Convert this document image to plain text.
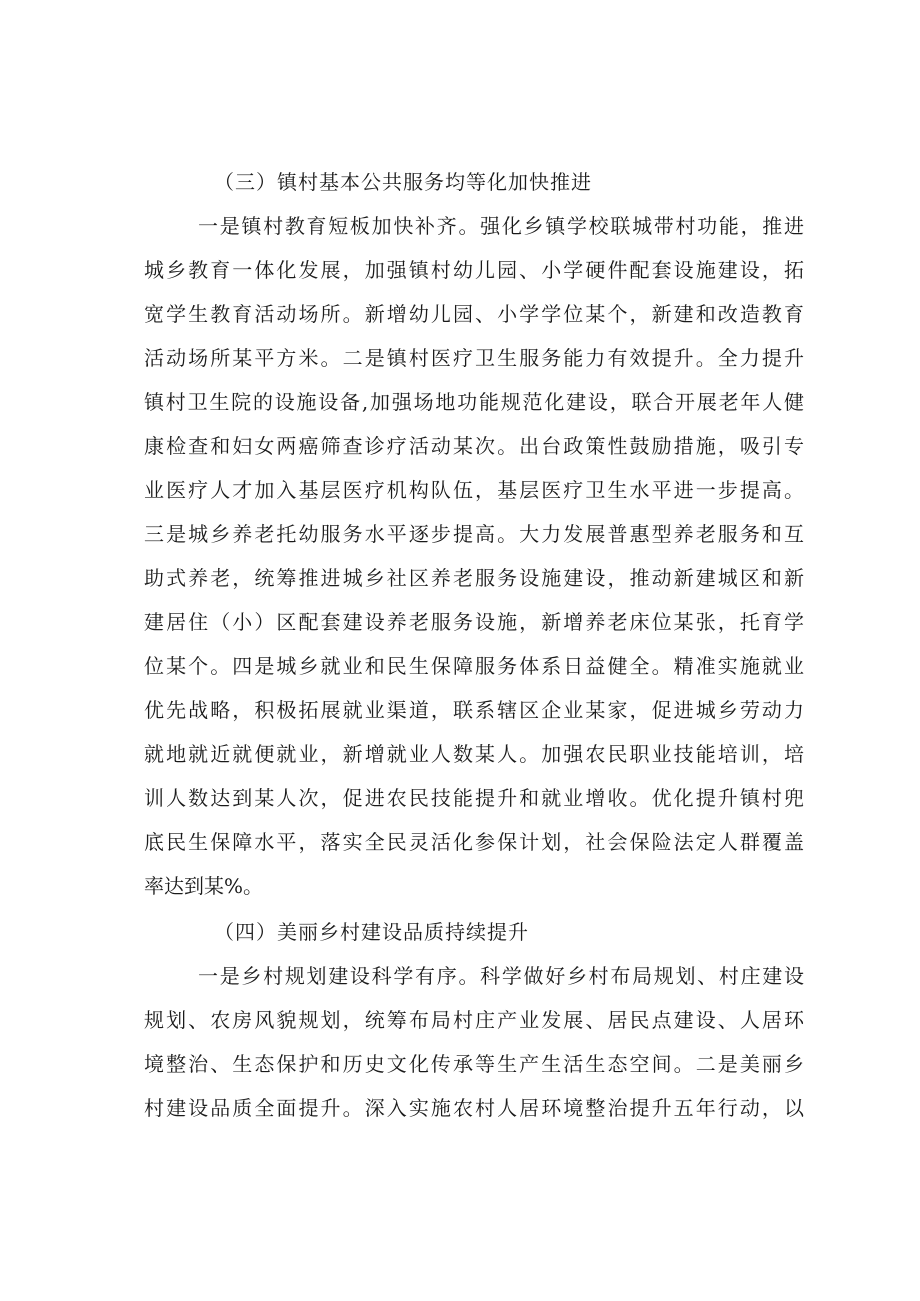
（三）镇村基本公共服务均等化加快推进
一是镇村教育短板加快补齐。强化乡镇学校联城带村功能，推进
城乡教育一体化发展，加强镇村幼儿园、小学硬件配套设施建设，拓
宽学生教育活动场所。新增幼儿园、小学学位某个，新建和改造教育
活动场所某平方米。二是镇村医疗卫生服务能力有效提升。全力提升
镇村卫生院的设施设备,加强场地功能规范化建设，联合开展老年人健
康检查和妇女两癌筛查诊疗活动某次。出台政策性鼓励措施，吸引专
业医疗人才加入基层医疗机构队伍，基层医疗卫生水平进一步提高。
三是城乡养老托幼服务水平逐步提高。大力发展普惠型养老服务和互
助式养老，统筹推进城乡社区养老服务设施建设，推动新建城区和新
建居住（小）区配套建设养老服务设施，新增养老床位某张，托育学
位某个。四是城乡就业和民生保障服务体系日益健全。精准实施就业
优先战略，积极拓展就业渠道，联系辖区企业某家，促进城乡劳动力
就地就近就便就业，新增就业人数某人。加强农民职业技能培训，培
训人数达到某人次，促进农民技能提升和就业增收。优化提升镇村兜
底民生保障水平，落实全民灵活化参保计划，社会保险法定人群覆盖
率达到某%。
（四）美丽乡村建设品质持续提升
一是乡村规划建设科学有序。科学做好乡村布局规划、村庄建设
规划、农房风貌规划，统筹布局村庄产业发展、居民点建设、人居环
境整治、生态保护和历史文化传承等生产生活生态空间。二是美丽乡
村建设品质全面提升。深入实施农村人居环境整治提升五年行动，以
